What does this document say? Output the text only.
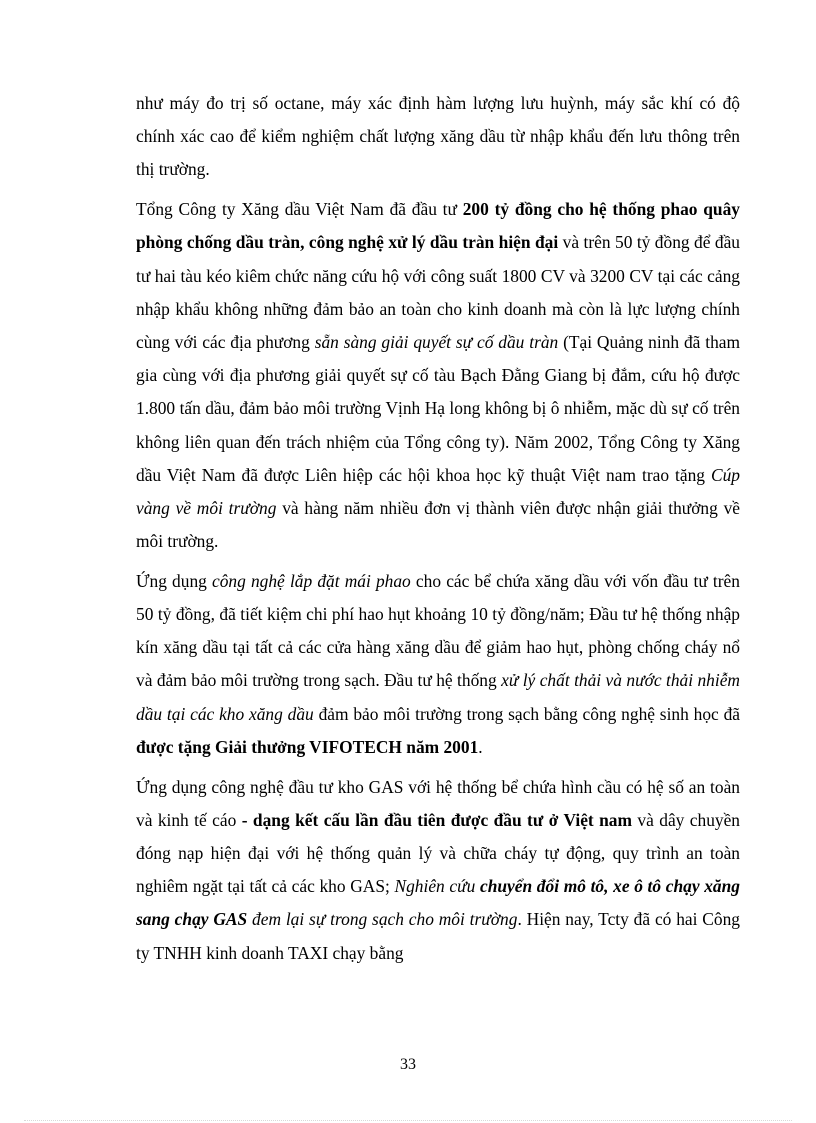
như máy đo trị số octane, máy xác định hàm lượng lưu huỳnh, máy sắc khí có độ chính xác cao để kiểm nghiệm chất lượng xăng dầu từ nhập khẩu đến lưu thông trên thị trường.

Tổng Công ty Xăng dầu Việt Nam đã đầu tư 200 tỷ đồng cho hệ thống phao quây phòng chống dầu tràn, công nghệ xử lý dầu tràn hiện đại và trên 50 tỷ đồng để đầu tư hai tàu kéo kiêm chức năng cứu hộ với công suất 1800 CV và 3200 CV tại các cảng nhập khẩu không những đảm bảo an toàn cho kinh doanh mà còn là lực lượng chính cùng với các địa phương sẵn sàng giải quyết sự cố dầu tràn (Tại Quảng ninh đã tham gia cùng với địa phương giải quyết sự cố tàu Bạch Đằng Giang bị đắm, cứu hộ được 1.800 tấn dầu, đảm bảo môi trường Vịnh Hạ long không bị ô nhiễm, mặc dù sự cố trên không liên quan đến trách nhiệm của Tổng công ty). Năm 2002, Tổng Công ty Xăng dầu Việt Nam đã được Liên hiệp các hội khoa học kỹ thuật Việt nam trao tặng Cúp vàng về môi trường và hàng năm nhiều đơn vị thành viên được nhận giải thưởng về môi trường.

Ứng dụng công nghệ lắp đặt mái phao cho các bể chứa xăng dầu với vốn đầu tư trên 50 tỷ đồng, đã tiết kiệm chi phí hao hụt khoảng 10 tỷ đồng/năm; Đầu tư hệ thống nhập kín xăng dầu tại tất cả các cửa hàng xăng dầu để giảm hao hụt, phòng chống cháy nổ và đảm bảo môi trường trong sạch. Đầu tư hệ thống xử lý chất thải và nước thải nhiễm dầu tại các kho xăng dầu đảm bảo môi trường trong sạch bằng công nghệ sinh học đã được tặng Giải thưởng VIFOTECH năm 2001.

Ứng dụng công nghệ đầu tư kho GAS với hệ thống bể chứa hình cầu có hệ số an toàn và kinh tế cáo - dạng kết cấu lần đầu tiên được đầu tư ở Việt nam và dây chuyền đóng nạp hiện đại với hệ thống quản lý và chữa cháy tự động, quy trình an toàn nghiêm ngặt tại tất cả các kho GAS; Nghiên cứu chuyển đổi mô tô, xe ô tô chạy xăng sang chạy GAS đem lại sự trong sạch cho môi trường. Hiện nay, Tcty đã có hai Công ty TNHH kinh doanh TAXI chạy bằng

33
